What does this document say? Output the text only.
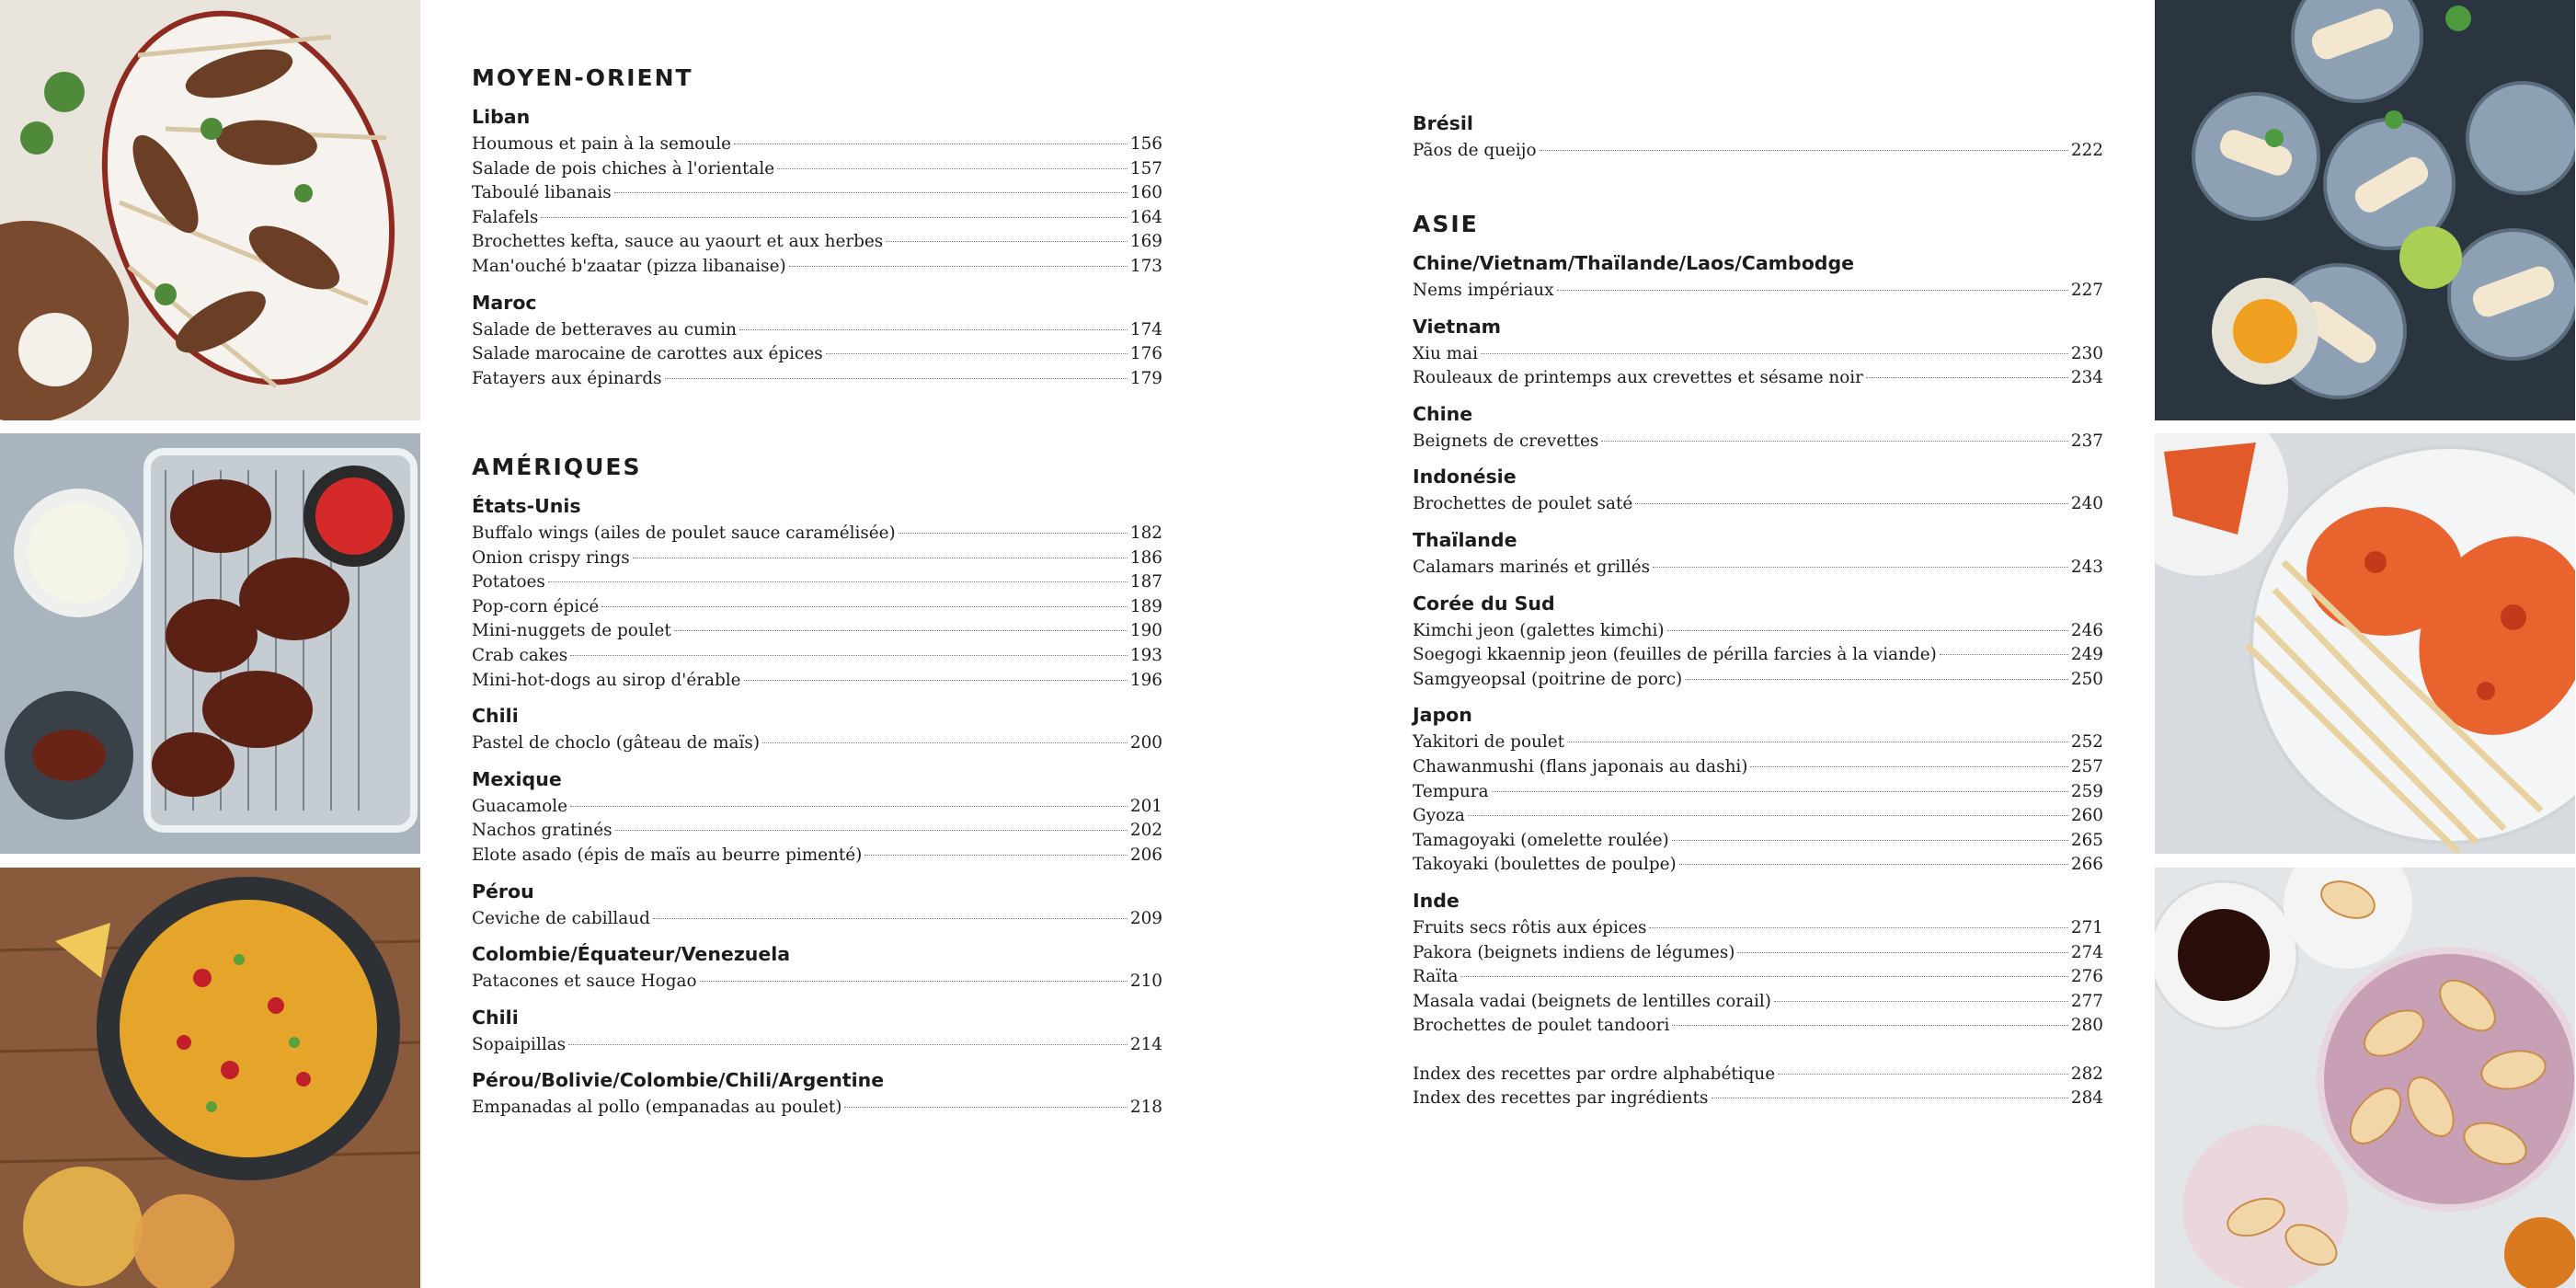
MOYEN-ORIENT
Liban
Houmous et pain à la semoule	156
Salade de pois chiches à l'orientale	157
Taboulé libanais	160
Falafels	164
Brochettes kefta, sauce au yaourt et aux herbes	169
Man'ouché b'zaatar (pizza libanaise)	173
Maroc
Salade de betteraves au cumin	174
Salade marocaine de carottes aux épices	176
Fatayers aux épinards	179
AMÉRIQUES
États-Unis
Buffalo wings (ailes de poulet sauce caramélisée)	182
Onion crispy rings	186
Potatoes	187
Pop-corn épicé	189
Mini-nuggets de poulet	190
Crab cakes	193
Mini-hot-dogs au sirop d'érable	196
Chili
Pastel de choclo (gâteau de maïs)	200
Mexique
Guacamole	201
Nachos gratinés	202
Elote asado (épis de maïs au beurre pimenté)	206
Pérou
Ceviche de cabillaud	209
Colombie/Équateur/Venezuela
Patacones et sauce Hogao	210
Chili
Sopaipillas	214
Pérou/Bolivie/Colombie/Chili/Argentine
Empanadas al pollo (empanadas au poulet)	218
Brésil
Pãos de queijo	222
ASIE
Chine/Vietnam/Thaïlande/Laos/Cambodge
Nems impériaux	227
Vietnam
Xiu mai	230
Rouleaux de printemps aux crevettes et sésame noir	234
Chine
Beignets de crevettes	237
Indonésie
Brochettes de poulet saté	240
Thaïlande
Calamars marinés et grillés	243
Corée du Sud
Kimchi jeon (galettes kimchi)	246
Soegogi kkaennip jeon (feuilles de périlla farcies à la viande)	249
Samgyeopsal (poitrine de porc)	250
Japon
Yakitori de poulet	252
Chawanmushi (flans japonais au dashi)	257
Tempura	259
Gyoza	260
Tamagoyaki (omelette roulée)	265
Takoyaki (boulettes de poulpe)	266
Inde
Fruits secs rôtis aux épices	271
Pakora (beignets indiens de légumes)	274
Raïta	276
Masala vadai (beignets de lentilles corail)	277
Brochettes de poulet tandoori	280
Index des recettes par ordre alphabétique	282
Index des recettes par ingrédients	284
